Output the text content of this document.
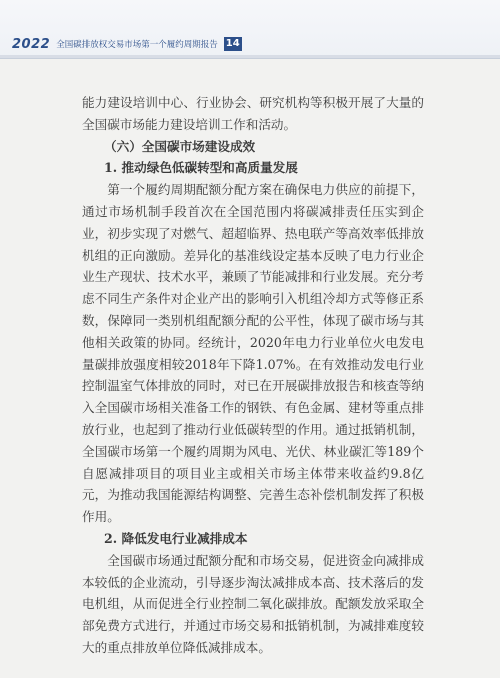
2022 全国碳排放权交易市场第一个履约周期报告 14

能力建设培训中心、行业协会、研究机构等积极开展了大量的全国碳市场能力建设培训工作和活动。

（六）全国碳市场建设成效

1. 推动绿色低碳转型和高质量发展

第一个履约周期配额分配方案在确保电力供应的前提下，通过市场机制手段首次在全国范围内将碳减排责任压实到企业，初步实现了对燃气、超超临界、热电联产等高效率低排放机组的正向激励。差异化的基准线设定基本反映了电力行业企业生产现状、技术水平，兼顾了节能减排和行业发展。充分考虑不同生产条件对企业产出的影响引入机组冷却方式等修正系数，保障同一类别机组配额分配的公平性，体现了碳市场与其他相关政策的协同。经统计，2020年电力行业单位火电发电量碳排放强度相较2018年下降1.07%。在有效推动发电行业控制温室气体排放的同时，对已在开展碳排放报告和核查等纳入全国碳市场相关准备工作的钢铁、有色金属、建材等重点排放行业，也起到了推动行业低碳转型的作用。通过抵销机制，全国碳市场第一个履约周期为风电、光伏、林业碳汇等189个自愿减排项目的项目业主或相关市场主体带来收益约9.8亿元，为推动我国能源结构调整、完善生态补偿机制发挥了积极作用。

2. 降低发电行业减排成本

全国碳市场通过配额分配和市场交易，促进资金向减排成本较低的企业流动，引导逐步淘汰减排成本高、技术落后的发电机组，从而促进全行业控制二氧化碳排放。配额发放采取全部免费方式进行，并通过市场交易和抵销机制，为减排难度较大的重点排放单位降低减排成本。
